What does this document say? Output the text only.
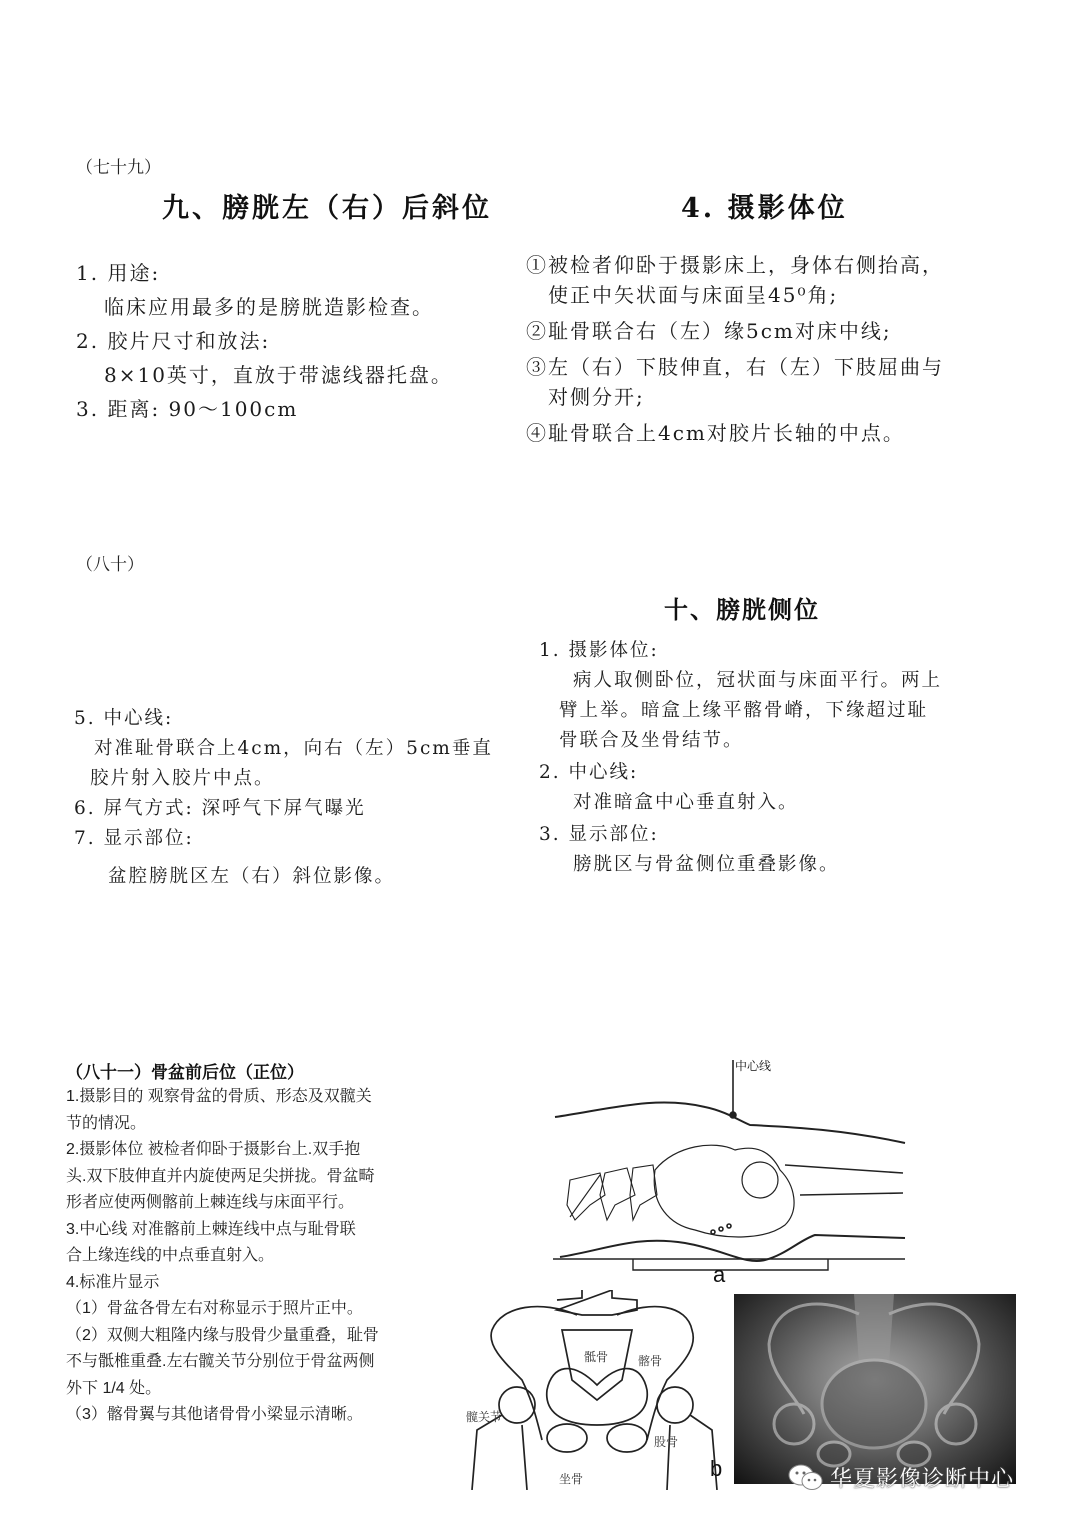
（七十九）
九、膀胱左（右）后斜位	4. 摄影体位
1. 用途:
临床应用最多的是膀胱造影检查。
2. 胶片尺寸和放法:
8×10英寸，直放于带滤线器托盘。
3. 距离: 90～100cm
①被检者仰卧于摄影床上，身体右侧抬高，
使正中矢状面与床面呈45⁰角;
②耻骨联合右（左）缘5cm对床中线;
③左（右）下肢伸直，右（左）下肢屈曲与
对侧分开;
④耻骨联合上4cm对胶片长轴的中点。
（八十）
5. 中心线:
对准耻骨联合上4cm，向右（左）5cm垂直
胶片射入胶片中点。
6. 屏气方式: 深呼气下屏气曝光
7. 显示部位:
盆腔膀胱区左（右）斜位影像。
十、膀胱侧位
1. 摄影体位:
病人取侧卧位，冠状面与床面平行。两上
臂上举。暗盒上缘平髂骨嵴，下缘超过耻
骨联合及坐骨结节。
2. 中心线:
对准暗盒中心垂直射入。
3. 显示部位:
膀胱区与骨盆侧位重叠影像。
（八十一）骨盆前后位（正位）
1.摄影目的 观察骨盆的骨质、形态及双髋关
节的情况。
2.摄影体位 被检者仰卧于摄影台上.双手抱
头.双下肢伸直并内旋使两足尖拼拢。骨盆畸
形者应使两侧髂前上棘连线与床面平行。
3.中心线 对准髂前上棘连线中点与耻骨联
合上缘连线的中点垂直射入。
4.标准片显示
（1）骨盆各骨左右对称显示于照片正中。
（2）双侧大粗隆内缘与股骨少量重叠，耻骨
不与骶椎重叠.左右髋关节分别位于骨盆两侧
外下 1/4 处。
（3）髂骨翼与其他诸骨骨小梁显示清晰。
中心线
a
骶骨 髂骨
髋关节
股骨
坐骨	b	华夏影像诊断中心
